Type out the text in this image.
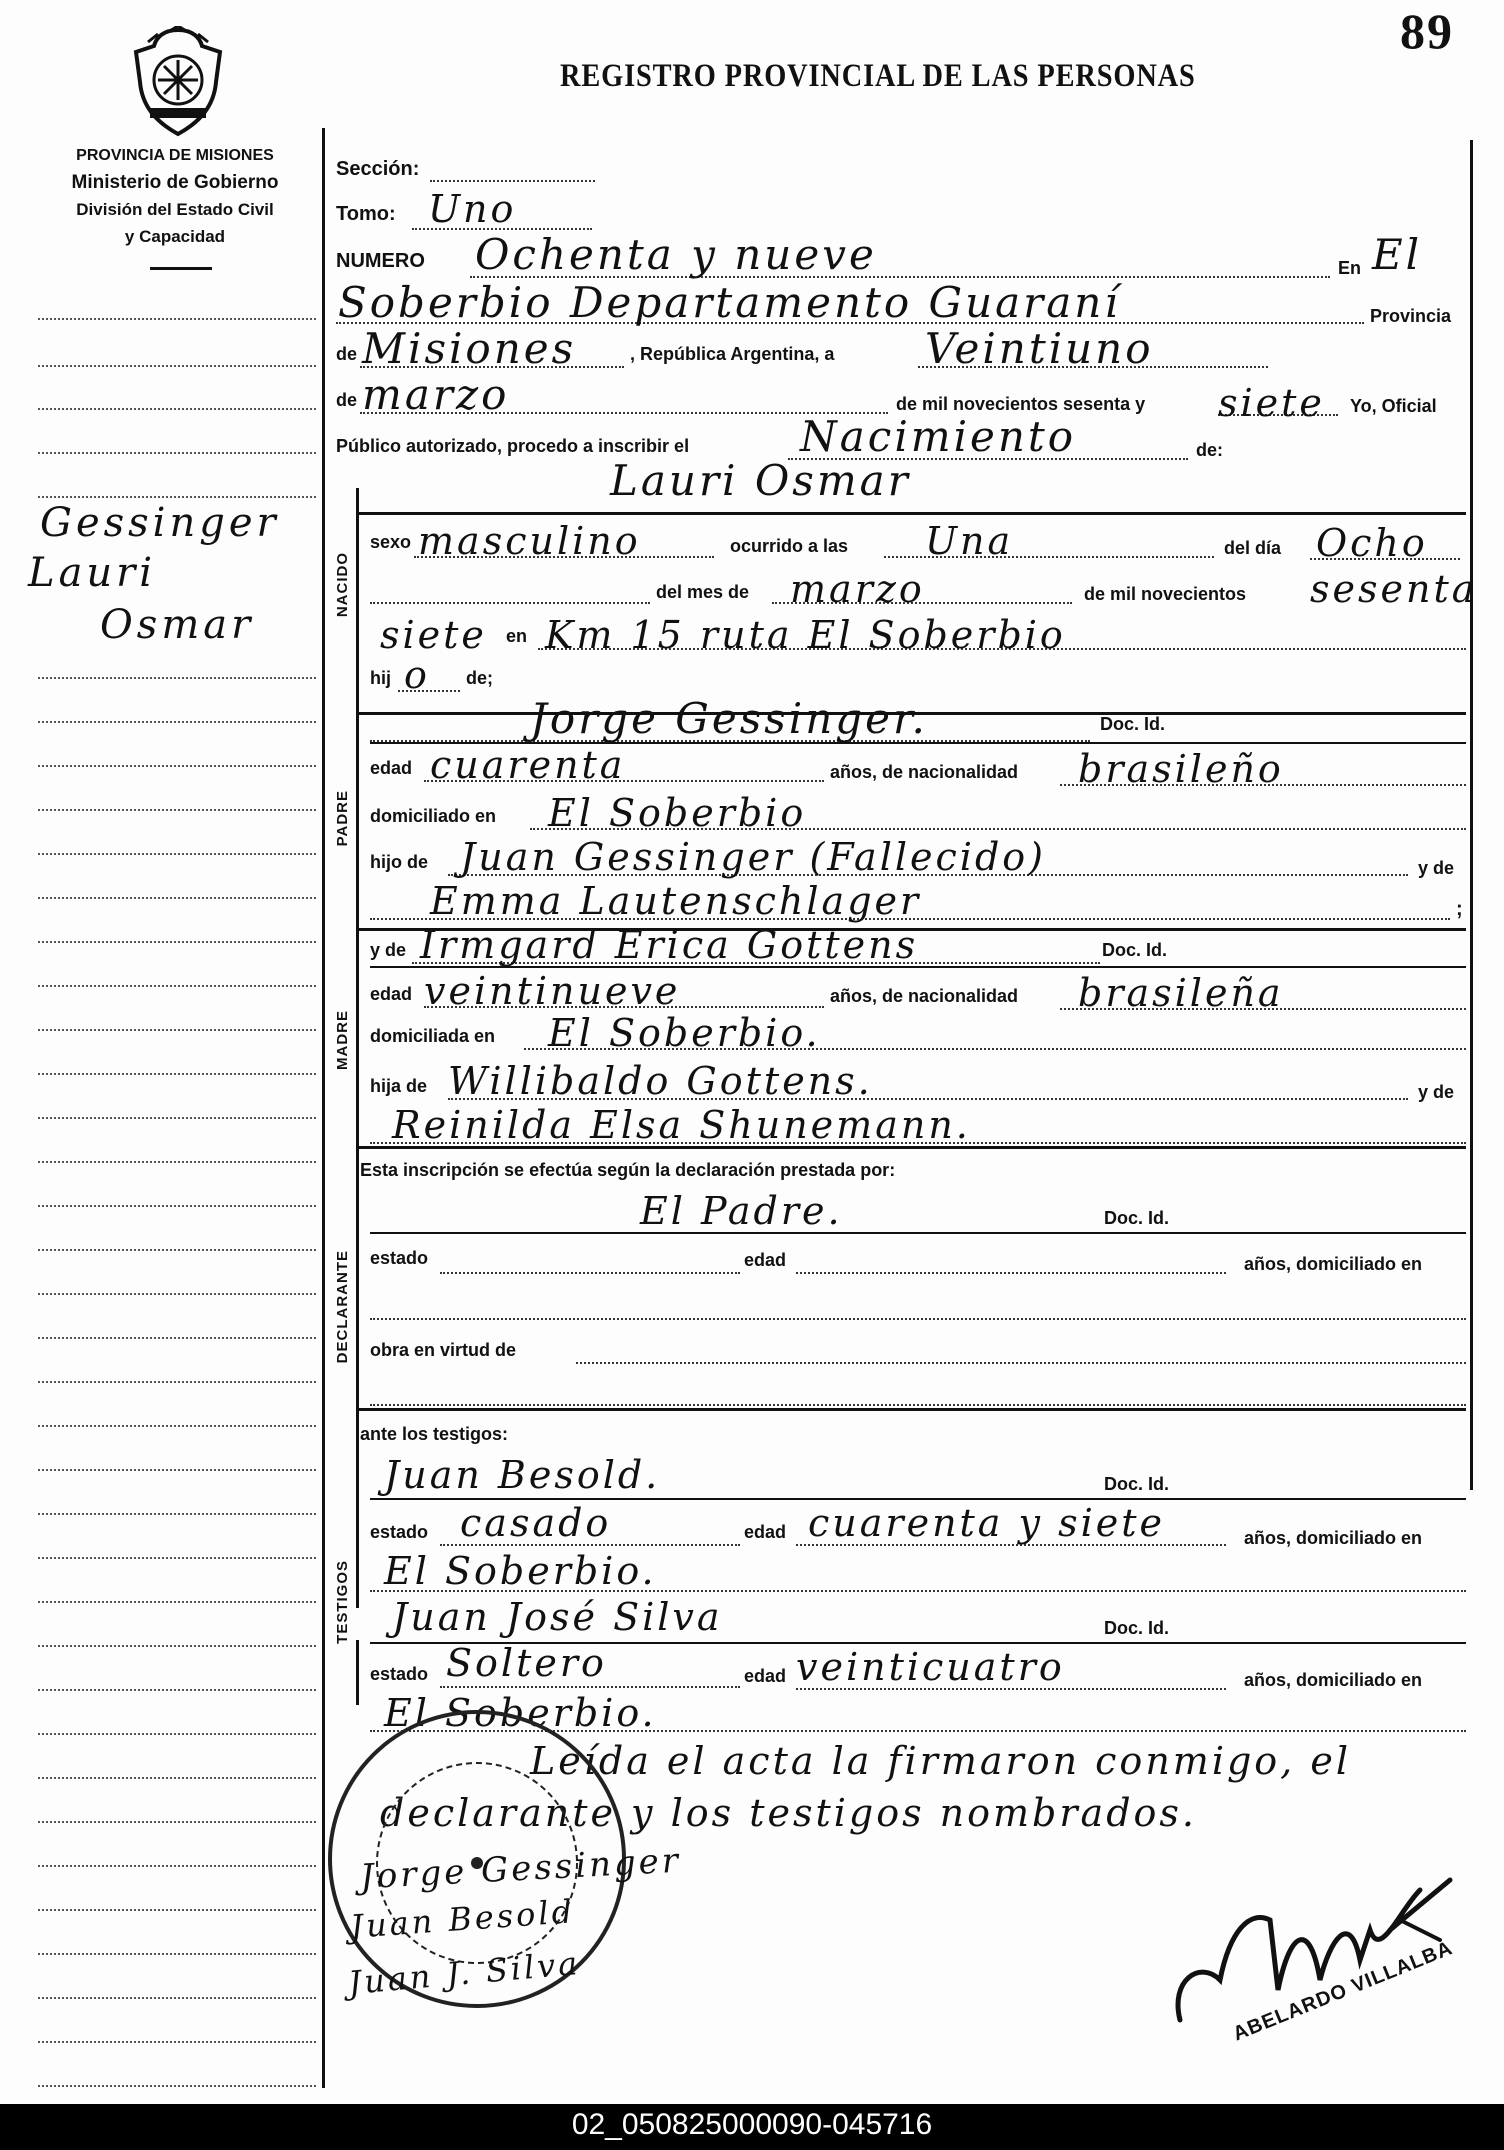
89
REGISTRO PROVINCIAL DE LAS PERSONAS
PROVINCIA DE MISIONES
Ministerio de Gobierno
División del Estado Civil
y Capacidad
Gessinger
Lauri
Osmar
Sección:
Tomo: Uno
NUMERO Ochenta y nueve	En El
Soberbio Departamento Guaraní	Provincia
de Misiones	, República Argentina, a Veintiuno
de marzo	de mil novecientos sesenta y siete Yo, Oficial
Público autorizado, procedo a inscribir el	Nacimiento	de:
Lauri Osmar
NACIDO
sexo masculino	ocurrido a las Una	del día Ocho
del mes de marzo	de mil novecientos sesenta
siete en Km 15 ruta El Soberbio
hij o de;
PADRE
Jorge Gessinger.	Doc. Id.
edad cuarenta	años, de nacionalidad brasileño
domiciliado en El Soberbio
hijo de Juan Gessinger (Fallecido)	y de
Emma Lautenschlager	;
MADRE
y de Irmgard Erica Gottens	Doc. Id.
edad veintinueve	años, de nacionalidad brasileña
domiciliada en El Soberbio.
hija de Willibaldo Gottens.	y de
Reinilda Elsa Shunemann.
Esta inscripción se efectúa según la declaración prestada por:
DECLARANTE
El Padre.	Doc. Id.
estado	edad	años, domiciliado en
obra en virtud de
ante los testigos:
TESTIGOS
Juan Besold.	Doc. Id.
estado casado	edad cuarenta y siete	años, domiciliado en
El Soberbio.
Juan José Silva	Doc. Id.
estado Soltero	edad veinticuatro	años, domiciliado en
El Soberbio.
Leída el acta la firmaron conmigo, el
declarante y los testigos nombrados.
Jorge Gessinger
Juan Besold
Juan J. Silva	ABELARDO VILLALBA
02_050825000090-045716
